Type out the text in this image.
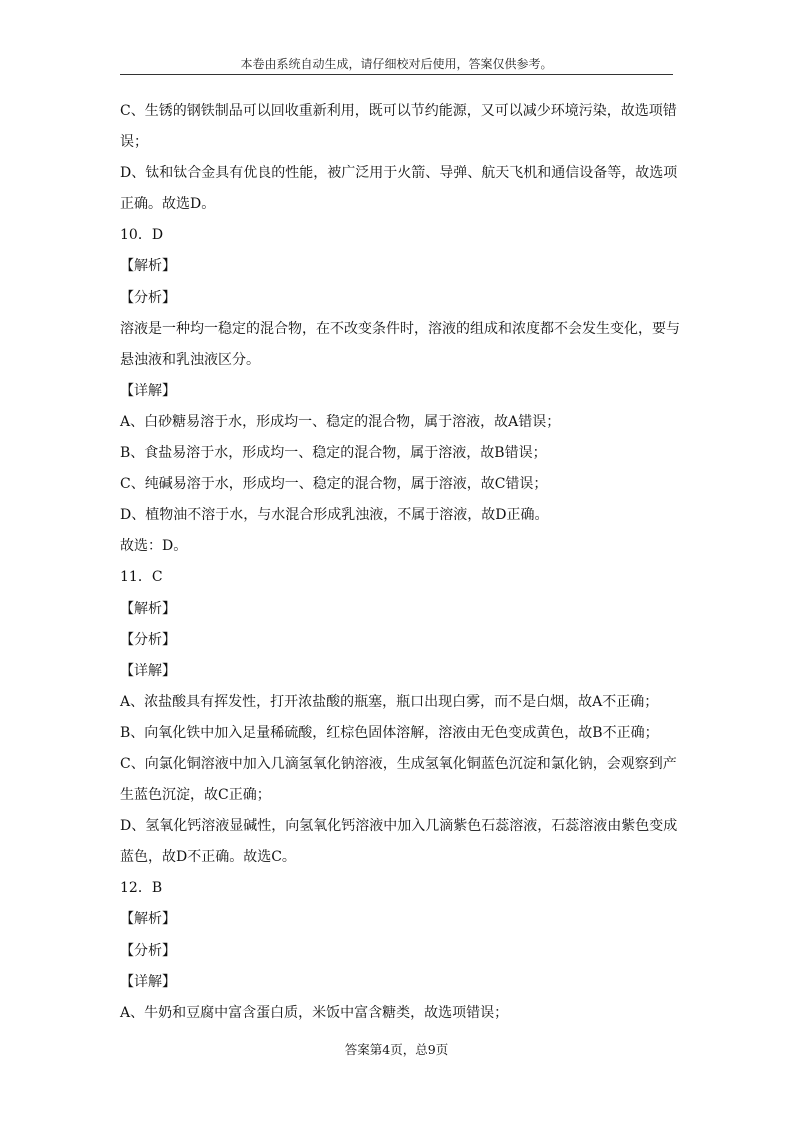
本卷由系统自动生成，请仔细校对后使用，答案仅供参考。
C、生锈的钢铁制品可以回收重新利用，既可以节约能源，又可以减少环境污染，故选项错
误；
D、钛和钛合金具有优良的性能，被广泛用于火箭、导弹、航天飞机和通信设备等，故选项
正确。故选D。
10．D
【解析】
【分析】
溶液是一种均一稳定的混合物，在不改变条件时，溶液的组成和浓度都不会发生变化，要与
悬浊液和乳浊液区分。
【详解】
A、白砂糖易溶于水，形成均一、稳定的混合物，属于溶液，故A错误；
B、食盐易溶于水，形成均一、稳定的混合物，属于溶液，故B错误；
C、纯碱易溶于水，形成均一、稳定的混合物，属于溶液，故C错误；
D、植物油不溶于水，与水混合形成乳浊液，不属于溶液，故D正确。
故选：D。
11．C
【解析】
【分析】
【详解】
A、浓盐酸具有挥发性，打开浓盐酸的瓶塞，瓶口出现白雾，而不是白烟，故A不正确；
B、向氧化铁中加入足量稀硫酸，红棕色固体溶解，溶液由无色变成黄色，故B不正确；
C、向氯化铜溶液中加入几滴氢氧化钠溶液，生成氢氧化铜蓝色沉淀和氯化钠，会观察到产
生蓝色沉淀，故C正确；
D、氢氧化钙溶液显碱性，向氢氧化钙溶液中加入几滴紫色石蕊溶液，石蕊溶液由紫色变成
蓝色，故D不正确。故选C。
12．B
【解析】
【分析】
【详解】
A、牛奶和豆腐中富含蛋白质，米饭中富含糖类，故选项错误；
答案第4页，总9页
